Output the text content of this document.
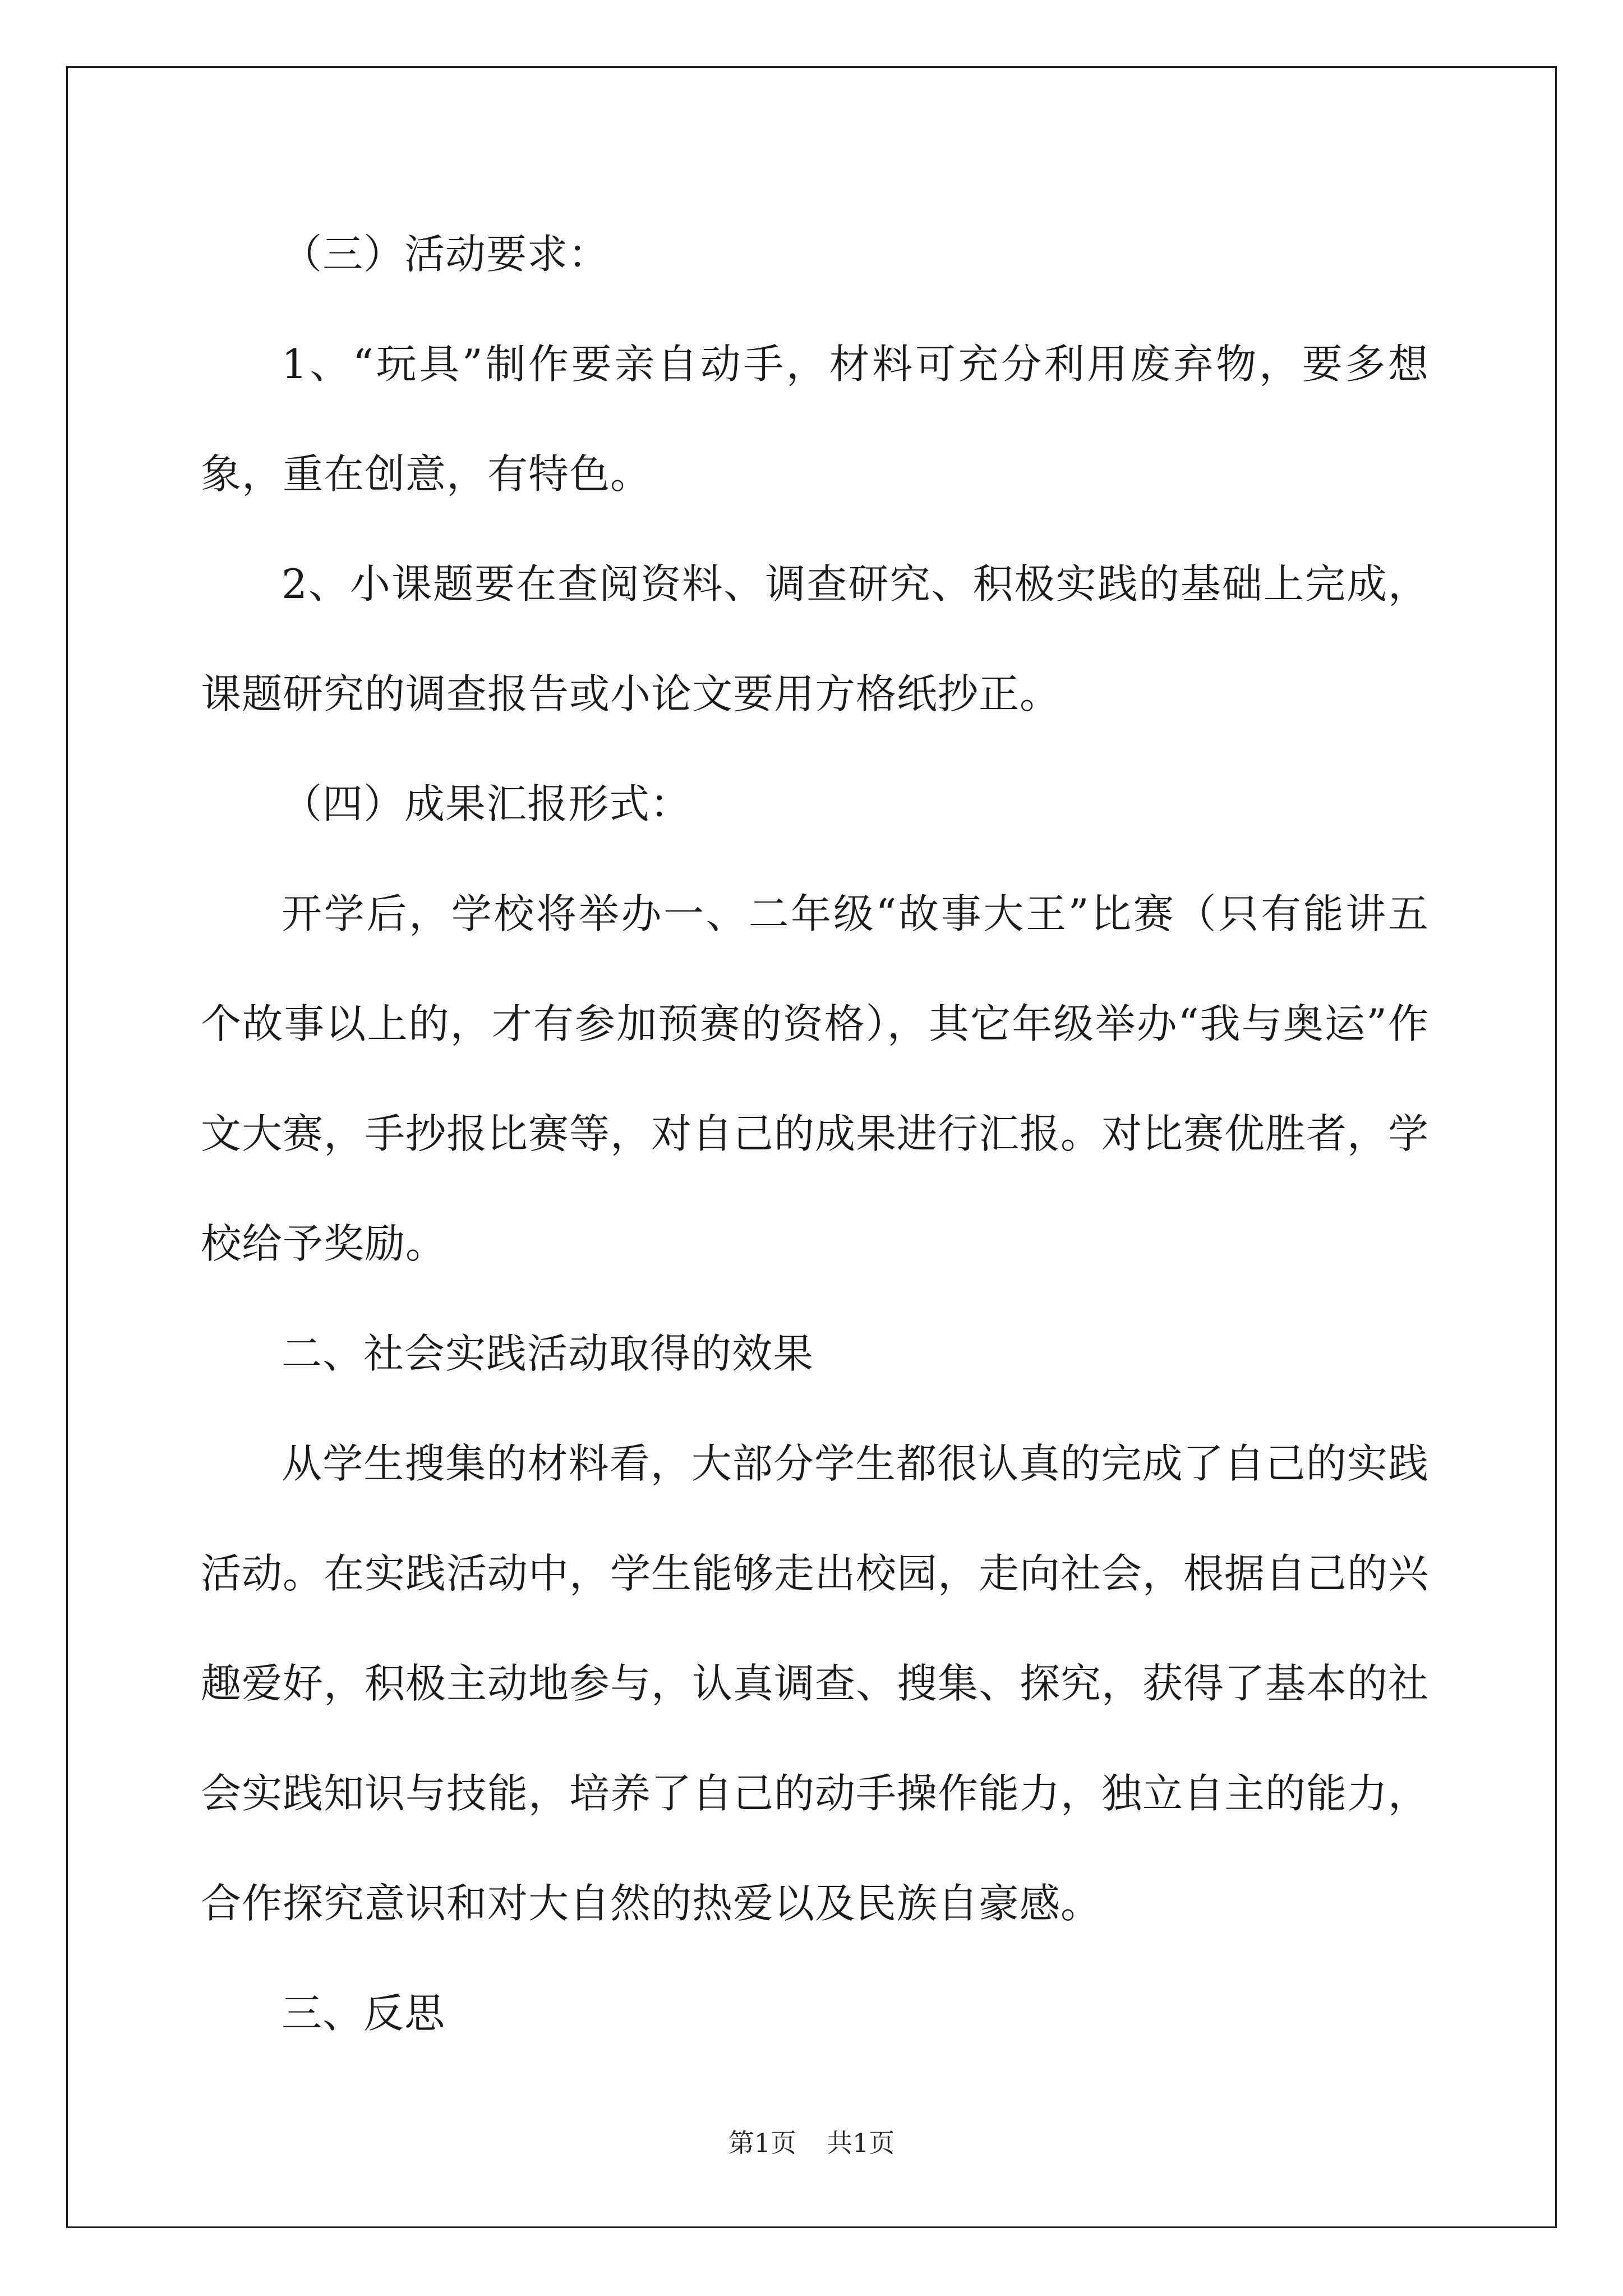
（三）活动要求：

1、“玩具”制作要亲自动手，材料可充分利用废弃物，要多想象，重在创意，有特色。

2、小课题要在查阅资料、调查研究、积极实践的基础上完成，课题研究的调查报告或小论文要用方格纸抄正。

（四）成果汇报形式：

开学后，学校将举办一、二年级“故事大王”比赛（只有能讲五个故事以上的，才有参加预赛的资格），其它年级举办“我与奥运”作文大赛，手抄报比赛等，对自己的成果进行汇报。对比赛优胜者，学校给予奖励。

二、社会实践活动取得的效果

从学生搜集的材料看，大部分学生都很认真的完成了自己的实践活动。在实践活动中，学生能够走出校园，走向社会，根据自己的兴趣爱好，积极主动地参与，认真调查、搜集、探究，获得了基本的社会实践知识与技能，培养了自己的动手操作能力，独立自主的能力，合作探究意识和对大自然的热爱以及民族自豪感。

三、反思

第1页 共1页
